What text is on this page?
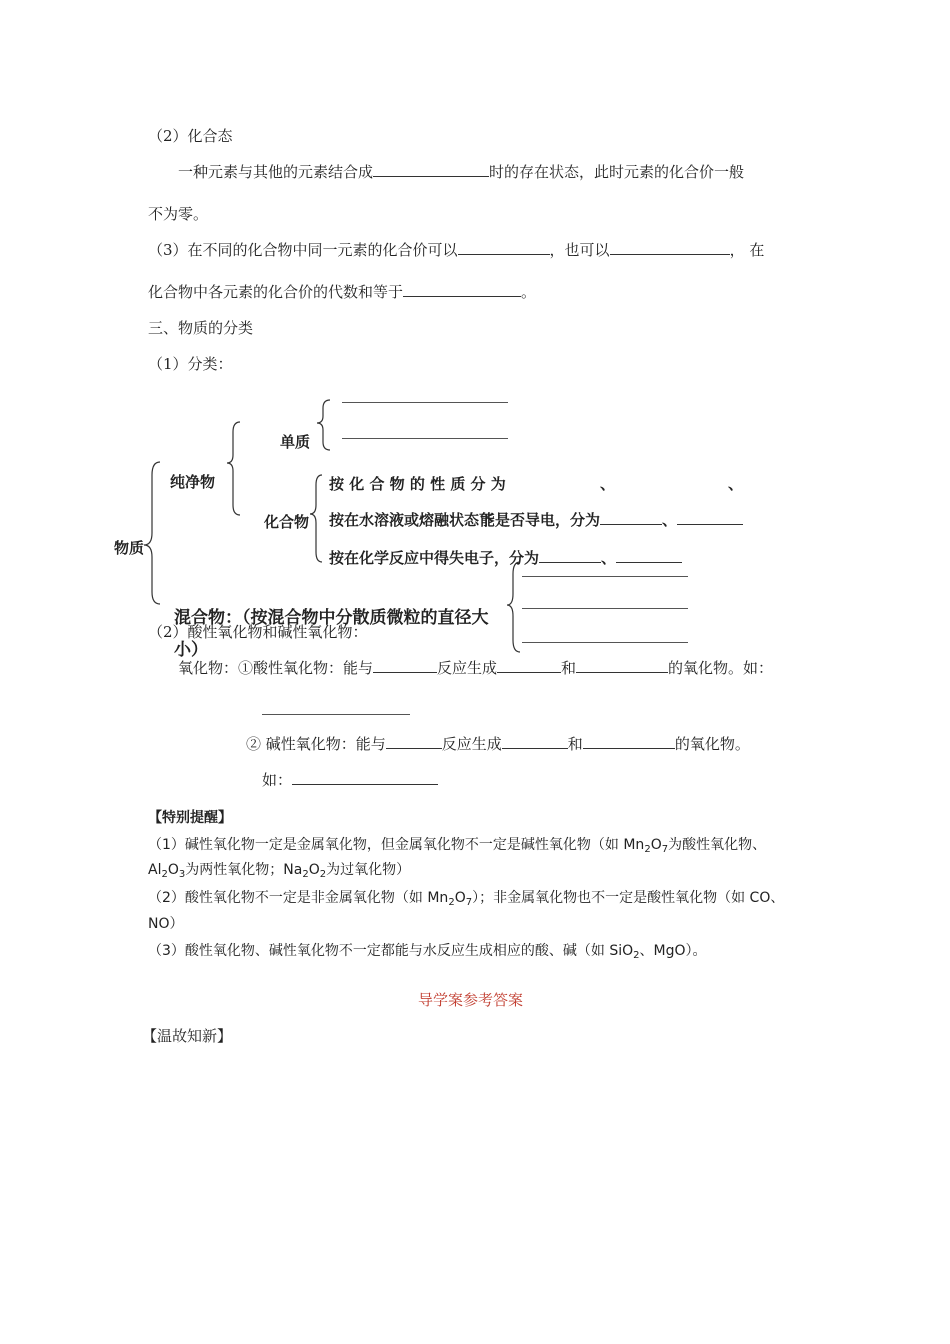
（2）化合态
一种元素与其他的元素结合成	时的存在状态，此时元素的化合价一般
不为零。
（3）在不同的化合物中同一元素的化合价可以	，也可以	， 在
化合物中各元素的化合价的代数和等于	。
三、物质的分类
（1）分类：
物质
纯净物
单质
化合物
按 化 合 物 的 性 质 分 为	、	、
按在水溶液或熔融状态下能是否导电，分为	、
按在化学反应中得失电子，分为	、
混合物：（按混合物中分散质微粒的直径大
小）
（2）酸性氧化物和碱性氧化物：
氧化物：①酸性氧化物：能与	反应生成	和	的氧化物。如：
② 碱性氧化物：能与	反应生成	和	的氧化物。
如：
【特别提醒】
（1）碱性氧化物一定是金属氧化物，但金属氧化物不一定是碱性氧化物（如 $Mn_2O_7$为酸性氧化物、
$Al_2O_3$为两性氧化物；$Na_2O_2$为过氧化物）
（2）酸性氧化物不一定是非金属氧化物（如 $Mn_2O_7$）；非金属氧化物也不一定是酸性氧化物（如 CO、
NO）
（3）酸性氧化物、碱性氧化物不一定都能与水反应生成相应的酸、碱（如 SiO$_2$、MgO）。
导学案参考答案
【温故知新】
